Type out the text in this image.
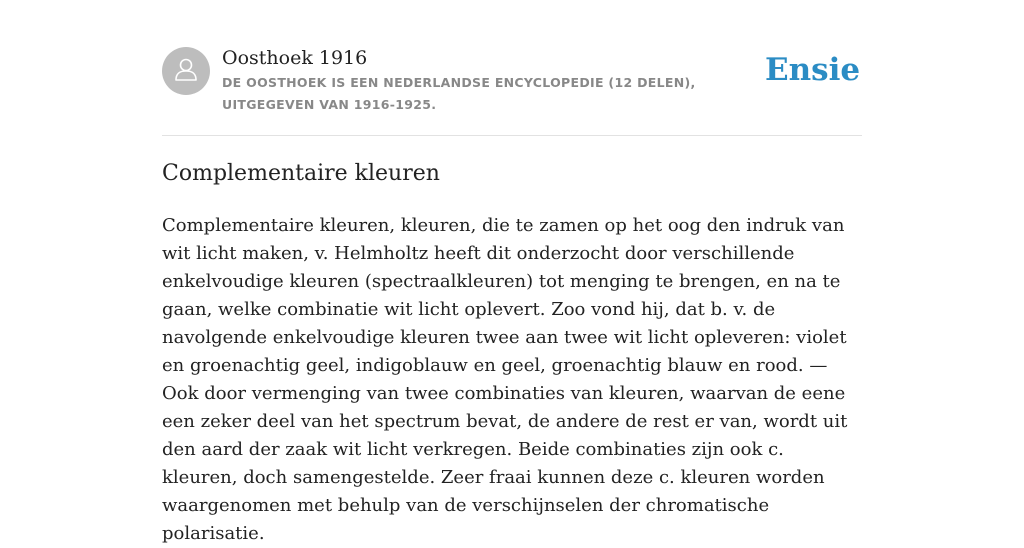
Oosthoek 1916
DE OOSTHOEK IS EEN NEDERLANDSE ENCYCLOPEDIE (12 DELEN), UITGEGEVEN VAN 1916-1925.
Ensie
Complementaire kleuren

Complementaire kleuren, kleuren, die te zamen op het oog den indruk van wit licht maken, v. Helmholtz heeft dit onderzocht door verschillende enkelvoudige kleuren (spectraalkleuren) tot menging te brengen, en na te gaan, welke combinatie wit licht oplevert. Zoo vond hij, dat b. v. de navolgende enkelvoudige kleuren twee aan twee wit licht opleveren: violet en groenachtig geel, indigoblauw en geel, groenachtig blauw en rood. — Ook door vermenging van twee combinaties van kleuren, waarvan de eene een zeker deel van het spectrum bevat, de andere de rest er van, wordt uit den aard der zaak wit licht verkregen. Beide combinaties zijn ook c. kleuren, doch samengestelde. Zeer fraai kunnen deze c. kleuren worden waargenomen met behulp van de verschijnselen der chromatische polarisatie.
